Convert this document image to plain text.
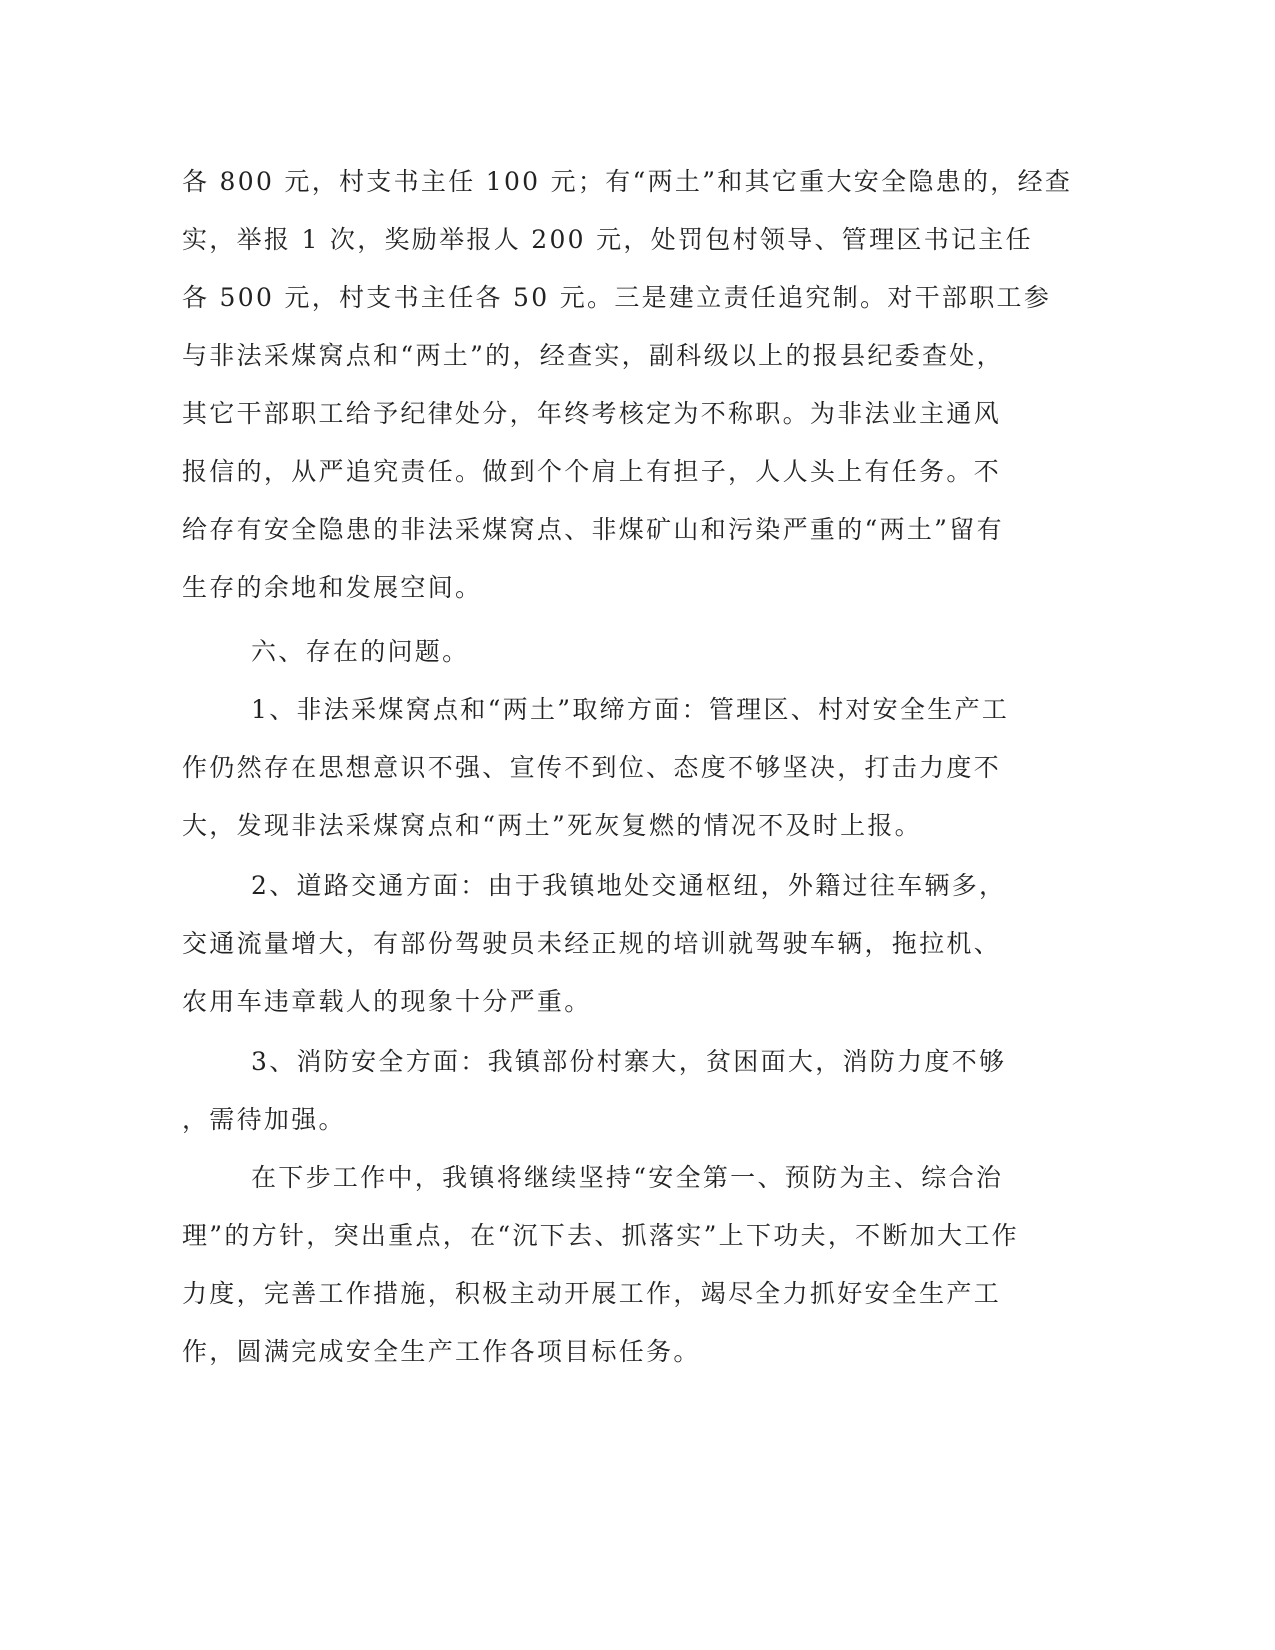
各 800 元，村支书主任 100 元；有“两土”和其它重大安全隐患的，经查
实，举报 1 次，奖励举报人 200 元，处罚包村领导、管理区书记主任
各 500 元，村支书主任各 50 元。三是建立责任追究制。对干部职工参
与非法采煤窝点和“两土”的，经查实，副科级以上的报县纪委查处，
其它干部职工给予纪律处分，年终考核定为不称职。为非法业主通风
报信的，从严追究责任。做到个个肩上有担子，人人头上有任务。不
给存有安全隐患的非法采煤窝点、非煤矿山和污染严重的“两土”留有
生存的余地和发展空间。
六、存在的问题。
1、非法采煤窝点和“两土”取缔方面：管理区、村对安全生产工
作仍然存在思想意识不强、宣传不到位、态度不够坚决，打击力度不
大，发现非法采煤窝点和“两土”死灰复燃的情况不及时上报。
2、道路交通方面：由于我镇地处交通枢纽，外籍过往车辆多，
交通流量增大，有部份驾驶员未经正规的培训就驾驶车辆，拖拉机、
农用车违章载人的现象十分严重。
3、消防安全方面：我镇部份村寨大，贫困面大，消防力度不够
，需待加强。
在下步工作中，我镇将继续坚持“安全第一、预防为主、综合治
理”的方针，突出重点，在“沉下去、抓落实”上下功夫，不断加大工作
力度，完善工作措施，积极主动开展工作，竭尽全力抓好安全生产工
作，圆满完成安全生产工作各项目标任务。
